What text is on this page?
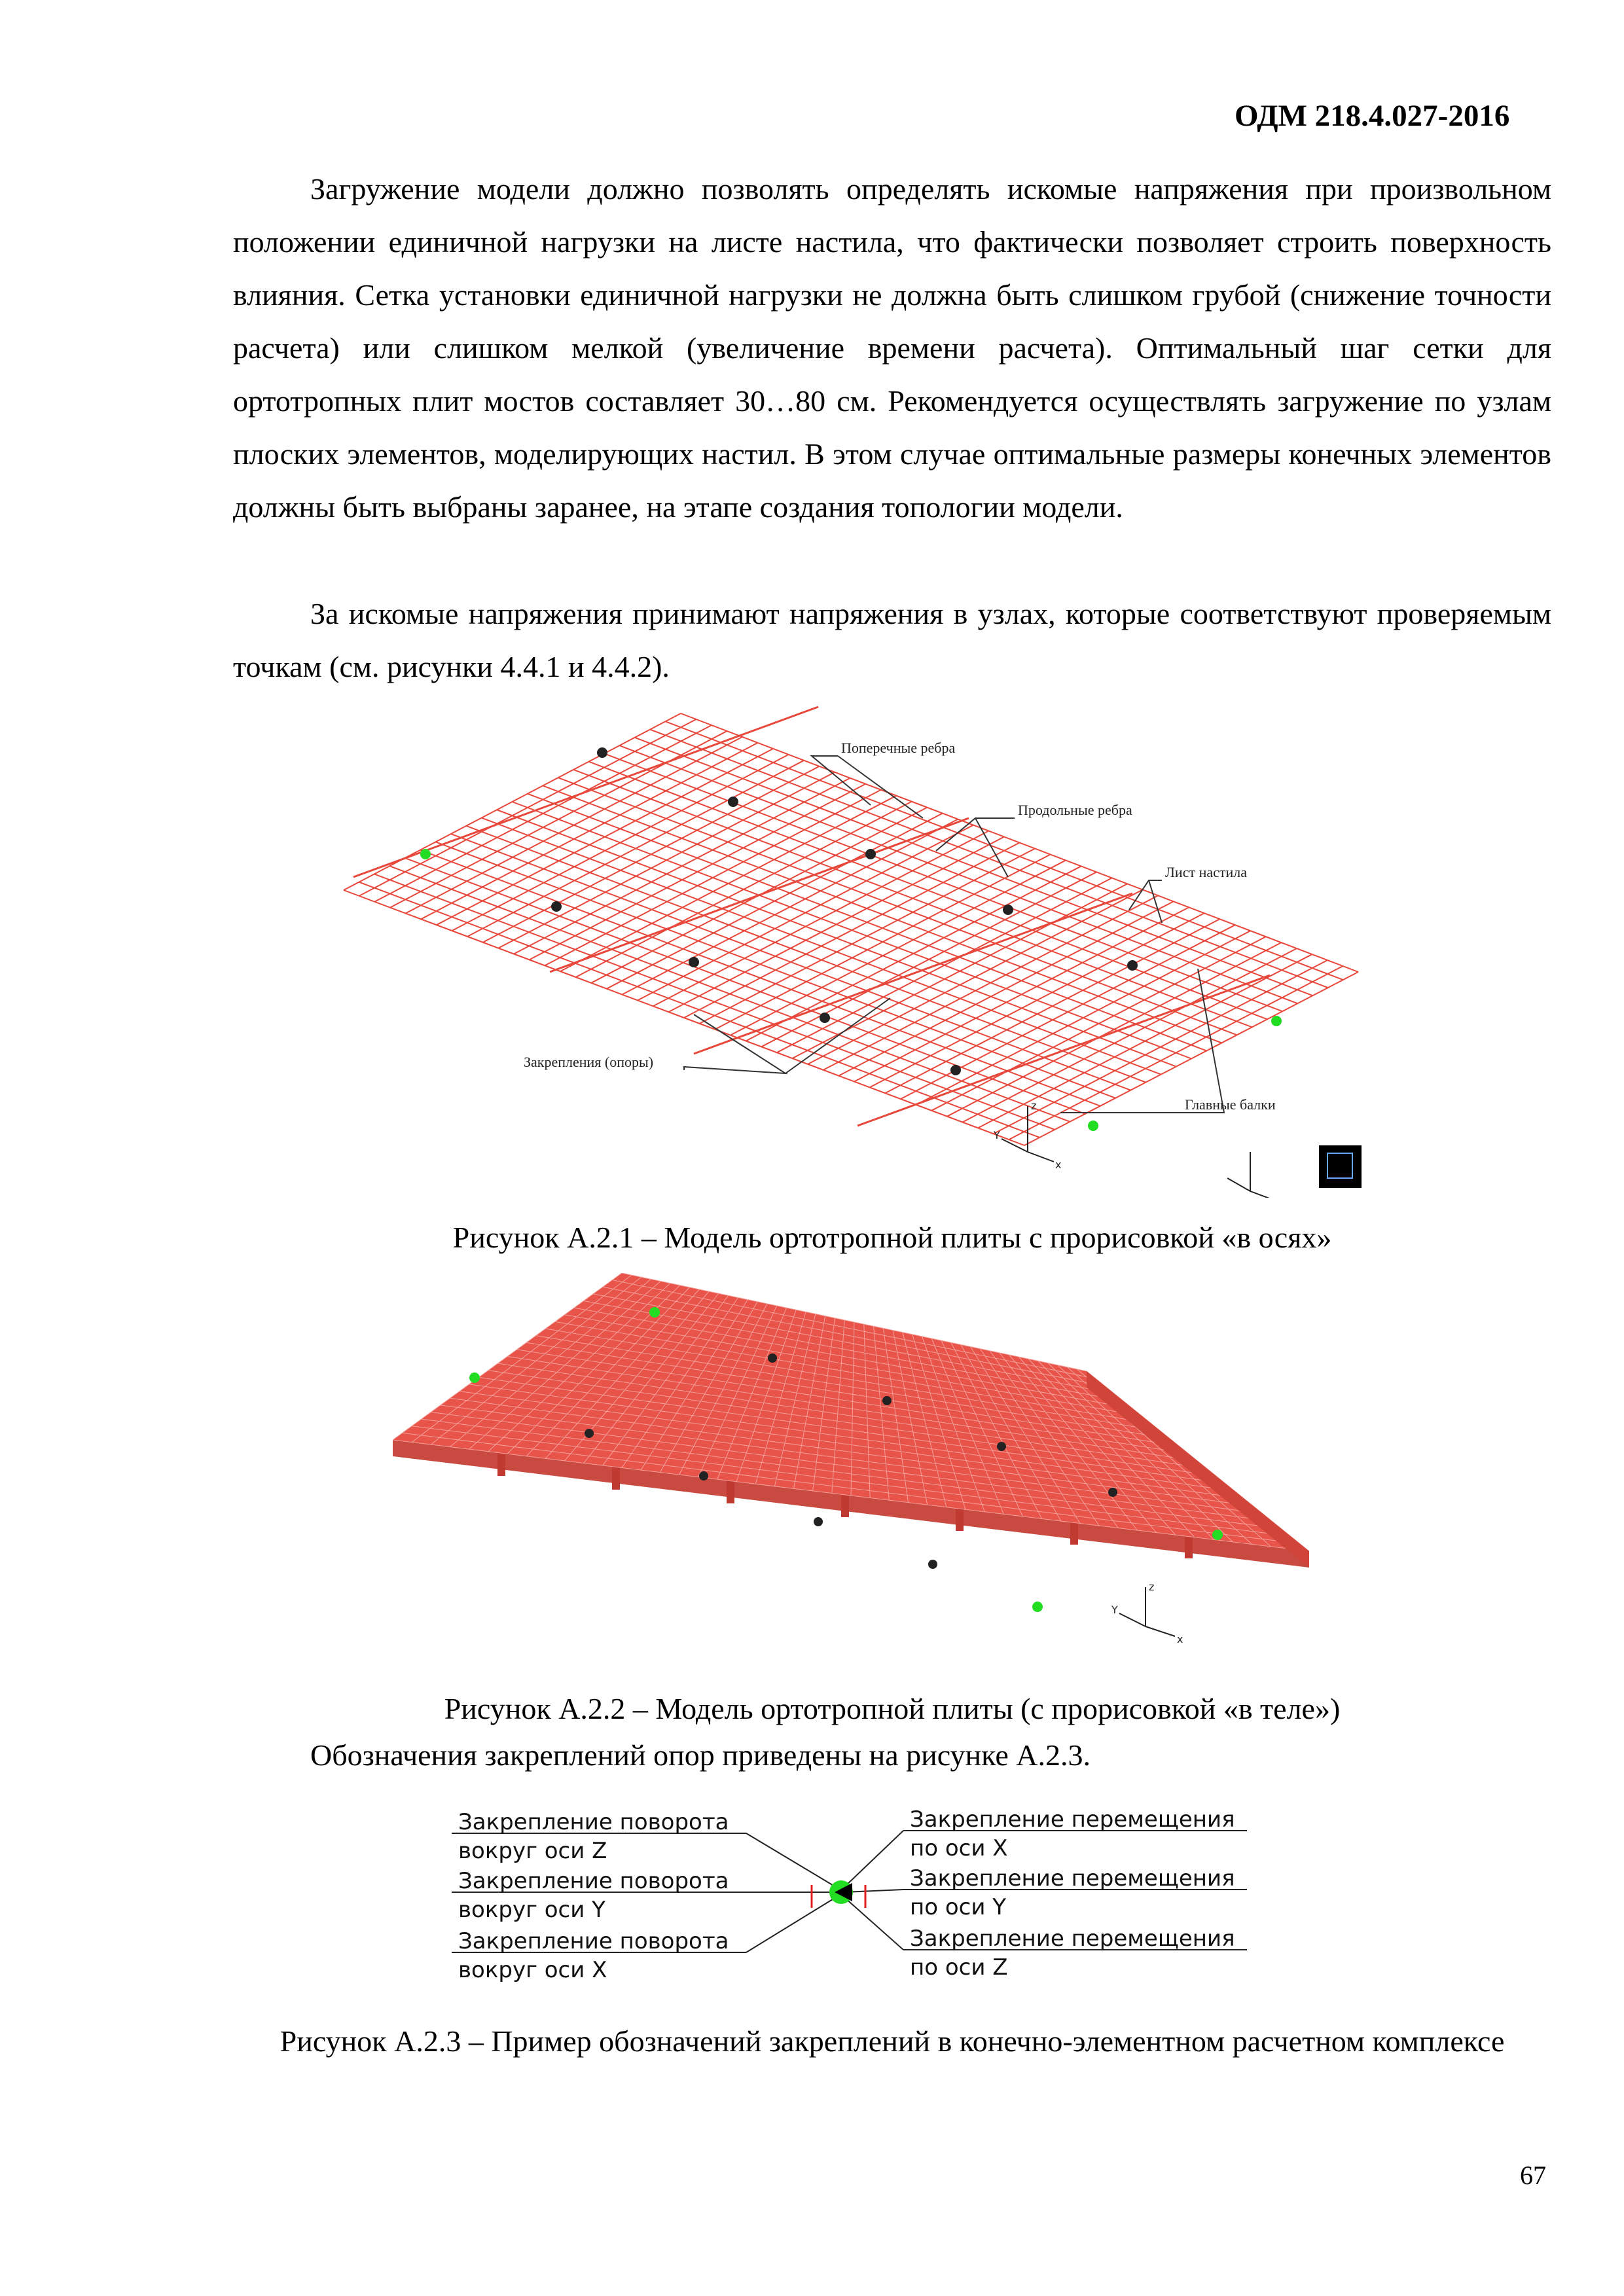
ОДМ 218.4.027-2016

Загружение модели должно позволять определять искомые напряжения при произвольном положении единичной нагрузки на листе настила, что фактически позволяет строить поверхность влияния. Сетка установки единичной нагрузки не должна быть слишком грубой (снижение точности расчета) или слишком мелкой (увеличение времени расчета). Оптимальный шаг сетки для ортотропных плит мостов составляет 30…80 см. Рекомендуется осуществлять загружение по узлам плоских элементов, моделирующих настил. В этом случае оптимальные размеры конечных элементов должны быть выбраны заранее, на этапе создания топологии модели.

За искомые напряжения принимают напряжения в узлах, которые соответствуют проверяемым точкам (см. рисунки 4.4.1 и 4.4.2).

Поперечные ребра
Продольные ребра
Лист настила
Закрепления (опоры)
Главные балки
z
x
Y
Рисунок А.2.1 – Модель ортотропной плиты с прорисовкой «в осях»
z
x
Y
Рисунок А.2.2 – Модель ортотропной плиты (с прорисовкой «в теле»)
Обозначения закреплений опор приведены на рисунке А.2.3.
Закрепление поворота
вокруг оси Z
Закрепление поворота
вокруг оси Y
Закрепление поворота
вокруг оси X
Закрепление перемещения
по оси X
Закрепление перемещения
по оси Y
Закрепление перемещения
по оси Z
Рисунок А.2.3 – Пример обозначений закреплений в конечно-элементном расчетном комплексе
67
